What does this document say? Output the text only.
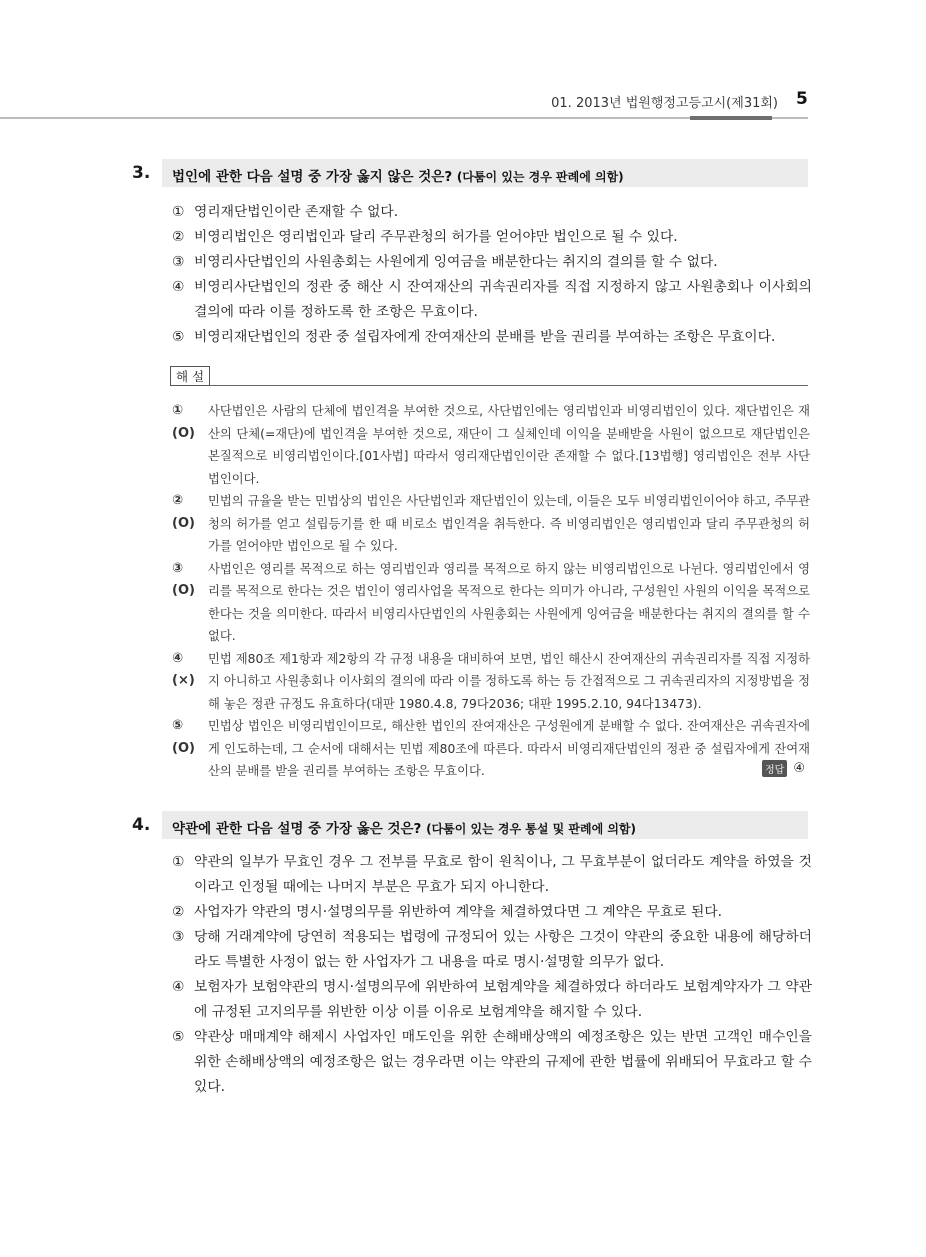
01. 2013년 법원행정고등고시(제31회) 5
3. 법인에 관한 다음 설명 중 가장 옳지 않은 것은? (다툼이 있는 경우 판례에 의함)
① 영리재단법인이란 존재할 수 없다.
② 비영리법인은 영리법인과 달리 주무관청의 허가를 얻어야만 법인으로 될 수 있다.
③ 비영리사단법인의 사원총회는 사원에게 잉여금을 배분한다는 취지의 결의를 할 수 없다.
④ 비영리사단법인의 정관 중 해산 시 잔여재산의 귀속권리자를 직접 지정하지 않고 사원총회나 이사회의 결의에 따라 이를 정하도록 한 조항은 무효이다.
⑤ 비영리재단법인의 정관 중 설립자에게 잔여재산의 분배를 받을 권리를 부여하는 조항은 무효이다.
해 설
① (O)
사단법인은 사람의 단체에 법인격을 부여한 것으로, 사단법인에는 영리법인과 비영리법인이 있다. 재단법인은 재산의 단체(=재단)에 법인격을 부여한 것으로, 재단이 그 실체인데 이익을 분배받을 사원이 없으므로 재단법인은 본질적으로 비영리법인이다.[01사법] 따라서 영리재단법인이란 존재할 수 없다.[13법행] 영리법인은 전부 사단법인이다.
② (O)
민법의 규율을 받는 민법상의 법인은 사단법인과 재단법인이 있는데, 이들은 모두 비영리법인이어야 하고, 주무관청의 허가를 얻고 설립등기를 한 때 비로소 법인격을 취득한다. 즉 비영리법인은 영리법인과 달리 주무관청의 허가를 얻어야만 법인으로 될 수 있다.
③ (O)
사법인은 영리를 목적으로 하는 영리법인과 영리를 목적으로 하지 않는 비영리법인으로 나뉜다. 영리법인에서 영리를 목적으로 한다는 것은 법인이 영리사업을 목적으로 한다는 의미가 아니라, 구성원인 사원의 이익을 목적으로 한다는 것을 의미한다. 따라서 비영리사단법인의 사원총회는 사원에게 잉여금을 배분한다는 취지의 결의를 할 수 없다.
④ (×)
민법 제80조 제1항과 제2항의 각 규정 내용을 대비하여 보면, 법인 해산시 잔여재산의 귀속권리자를 직접 지정하지 아니하고 사원총회나 이사회의 결의에 따라 이를 정하도록 하는 등 간접적으로 그 귀속권리자의 지정방법을 정해 놓은 정관 규정도 유효하다(대판 1980.4.8, 79다2036; 대판 1995.2.10, 94다13473).
⑤ (O)
민법상 법인은 비영리법인이므로, 해산한 법인의 잔여재산은 구성원에게 분배할 수 없다. 잔여재산은 귀속권자에게 인도하는데, 그 순서에 대해서는 민법 제80조에 따른다. 따라서 비영리재단법인의 정관 중 설립자에게 잔여재산의 분배를 받을 권리를 부여하는 조항은 무효이다.	정답 ④
4. 약관에 관한 다음 설명 중 가장 옳은 것은? (다툼이 있는 경우 통설 및 판례에 의함)
① 약관의 일부가 무효인 경우 그 전부를 무효로 함이 원칙이나, 그 무효부분이 없더라도 계약을 하였을 것이라고 인정될 때에는 나머지 부분은 무효가 되지 아니한다.
② 사업자가 약관의 명시·설명의무를 위반하여 계약을 체결하였다면 그 계약은 무효로 된다.
③ 당해 거래계약에 당연히 적용되는 법령에 규정되어 있는 사항은 그것이 약관의 중요한 내용에 해당하더라도 특별한 사정이 없는 한 사업자가 그 내용을 따로 명시·설명할 의무가 없다.
④ 보험자가 보험약관의 명시·설명의무에 위반하여 보험계약을 체결하였다 하더라도 보험계약자가 그 약관에 규정된 고지의무를 위반한 이상 이를 이유로 보험계약을 해지할 수 있다.
⑤ 약관상 매매계약 해제시 사업자인 매도인을 위한 손해배상액의 예정조항은 있는 반면 고객인 매수인을 위한 손해배상액의 예정조항은 없는 경우라면 이는 약관의 규제에 관한 법률에 위배되어 무효라고 할 수 있다.
